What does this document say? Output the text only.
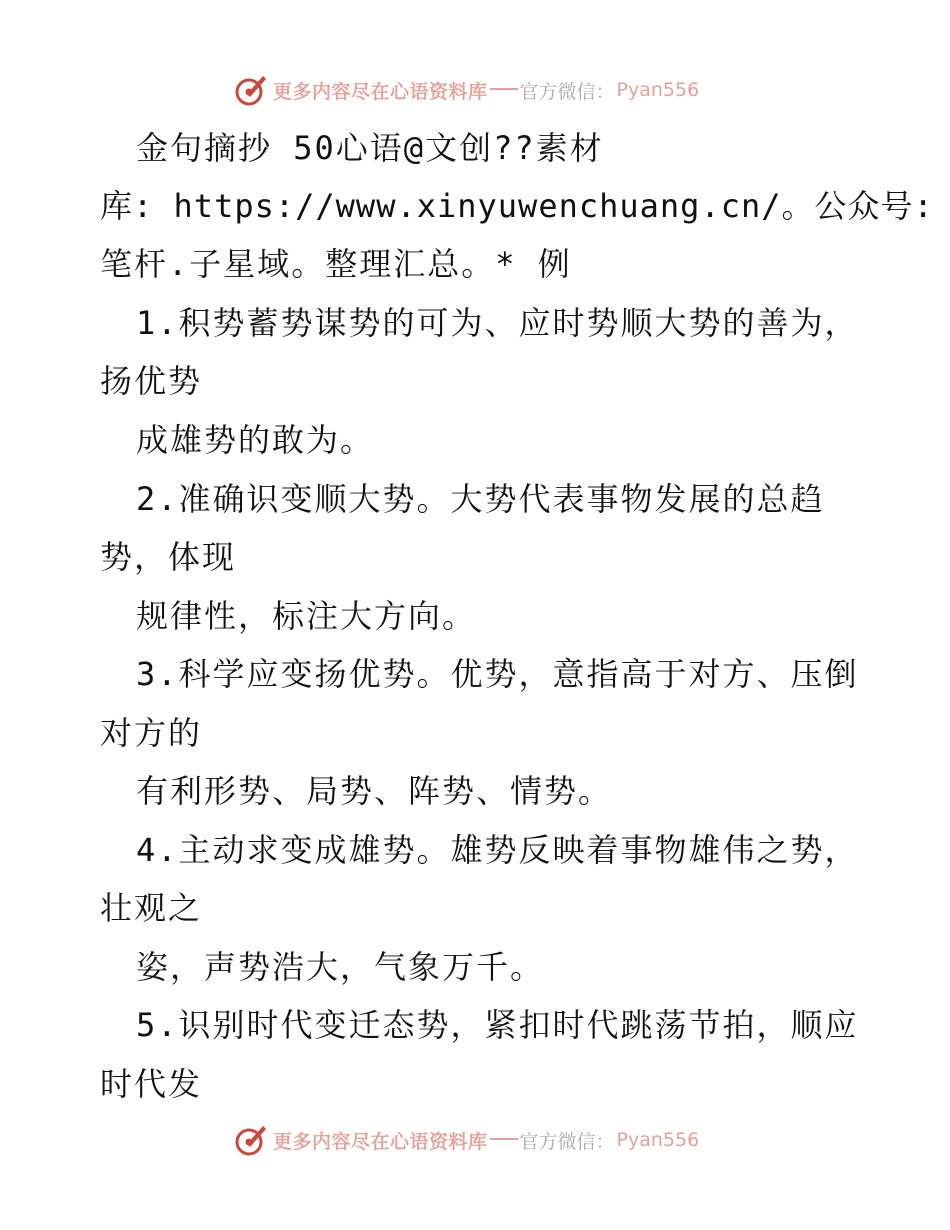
更多内容尽在心语资料库 官方微信： Pyan556
金句摘抄 50心语@文创??素材
库: https://www.xinyuwenchuang.cn/。公众号:
笔杆.子星域。整理汇总。* 例
1.积势蓄势谋势的可为、应时势顺大势的善为，
扬优势
成雄势的敢为。
2.准确识变顺大势。大势代表事物发展的总趋
势，体现
规律性，标注大方向。
3.科学应变扬优势。优势，意指高于对方、压倒
对方的
有利形势、局势、阵势、情势。
4.主动求变成雄势。雄势反映着事物雄伟之势，
壮观之
姿，声势浩大，气象万千。
5.识别时代变迁态势，紧扣时代跳荡节拍，顺应
时代发
更多内容尽在心语资料库 官方微信： Pyan556
